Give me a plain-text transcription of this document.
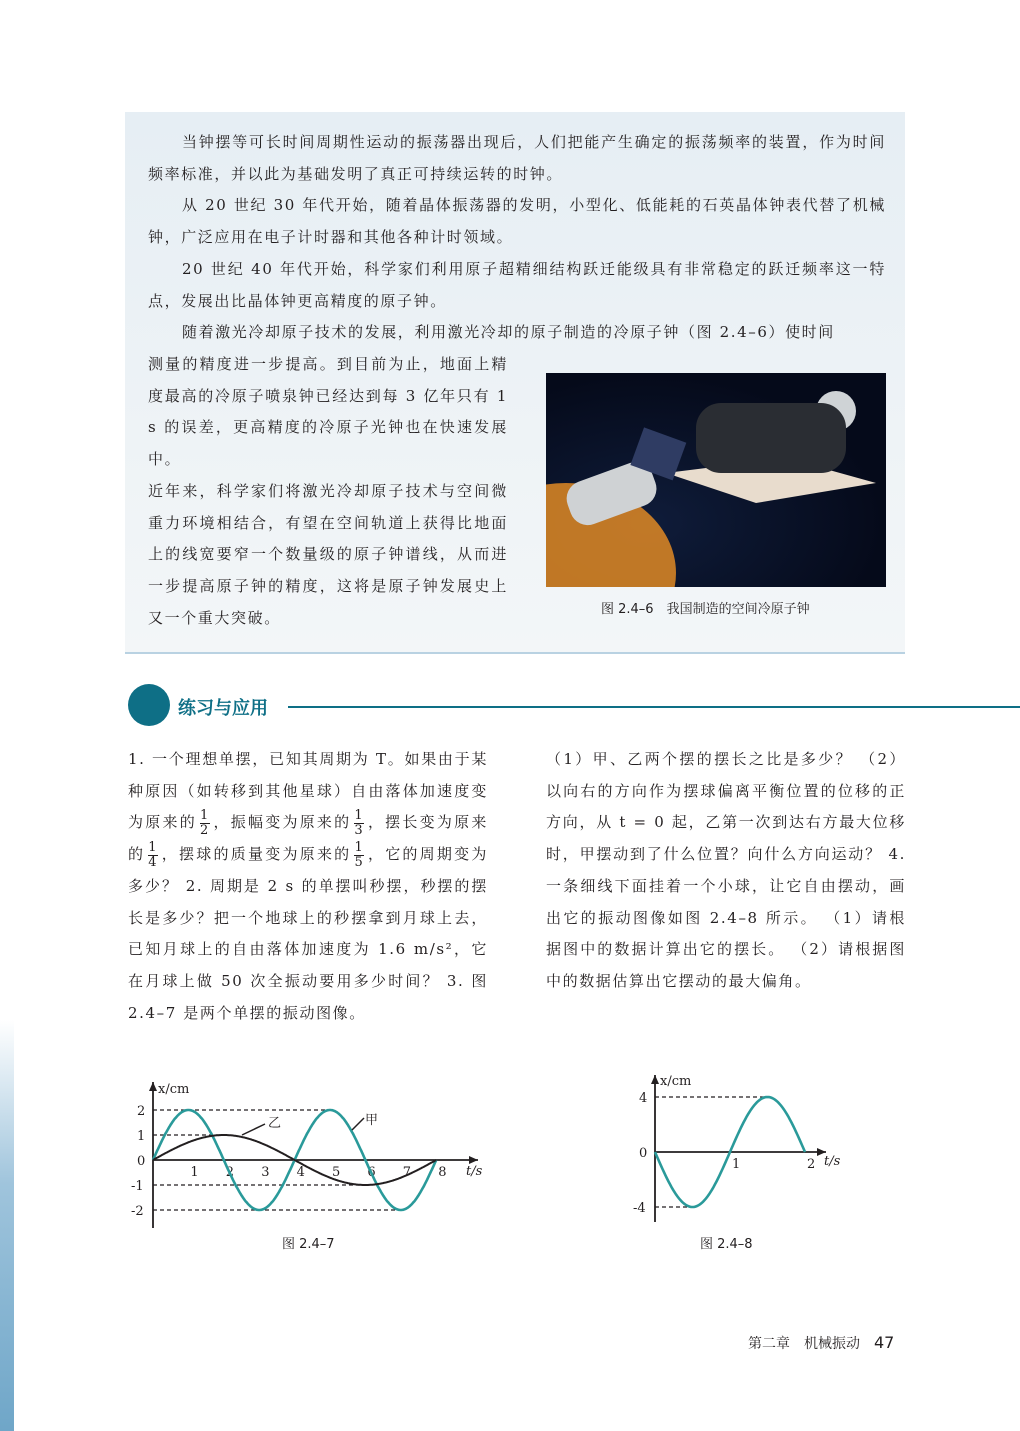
当钟摆等可长时间周期性运动的振荡器出现后，人们把能产生确定的振荡频率的装置，作为时间频率标准，并以此为基础发明了真正可持续运转的时钟。
从 20 世纪 30 年代开始，随着晶体振荡器的发明，小型化、低能耗的石英晶体钟表代替了机械钟，广泛应用在电子计时器和其他各种计时领域。
20 世纪 40 年代开始，科学家们利用原子超精细结构跃迁能级具有非常稳定的跃迁频率这一特点，发展出比晶体钟更高精度的原子钟。
随着激光冷却原子技术的发展，利用激光冷却的原子制造的冷原子钟（图 2.4–6）使时间
测量的精度进一步提高。到目前为止，地面上精度最高的冷原子喷泉钟已经达到每 3 亿年只有 1 s 的误差，更高精度的冷原子光钟也在快速发展中。
近年来，科学家们将激光冷却原子技术与空间微重力环境相结合，有望在空间轨道上获得比地面上的线宽要窄一个数量级的原子钟谱线，从而进一步提高原子钟的精度，这将是原子钟发展史上又一个重大突破。	图 2.4–6　我国制造的空间冷原子钟
练习与应用
1. 一个理想单摆，已知其周期为 T。如果由于某种原因（如转移到其他星球）自由落体加速度变为原来的 $\frac{1}{2}$ ，振幅变为原来的 $\frac{1}{3}$ ，摆长变为原来的 $\frac{1}{4}$ ，摆球的质量变为原来的 $\frac{1}{5}$ ，它的周期变为多少？ 2. 周期是 2 s 的单摆叫秒摆，秒摆的摆长是多少？把一个地球上的秒摆拿到月球上去，已知月球上的自由落体加速度为 1.6 m/s²，它在月球上做 50 次全振动要用多少时间？ 3. 图 2.4–7 是两个单摆的振动图像。
（1）甲、乙两个摆的摆长之比是多少？ （2）以向右的方向作为摆球偏离平衡位置的位移的正方向，从 t = 0 起，乙第一次到达右方最大位移时，甲摆动到了什么位置？向什么方向运动？ 4. 一条细线下面挂着一个小球，让它自由摆动，画出它的振动图像如图 2.4–8 所示。 （1）请根据图中的数据计算出它的摆长。 （2）请根据图中的数据估算出它摆动的最大偏角。
1 2 3 4 5 6 7 8
2
1
0
-1
-2
t/s
x/cm
乙	甲
1	2
4
0
-4
t/s
x/cm
图 2.4–7	图 2.4–8
第二章　机械振动 47
